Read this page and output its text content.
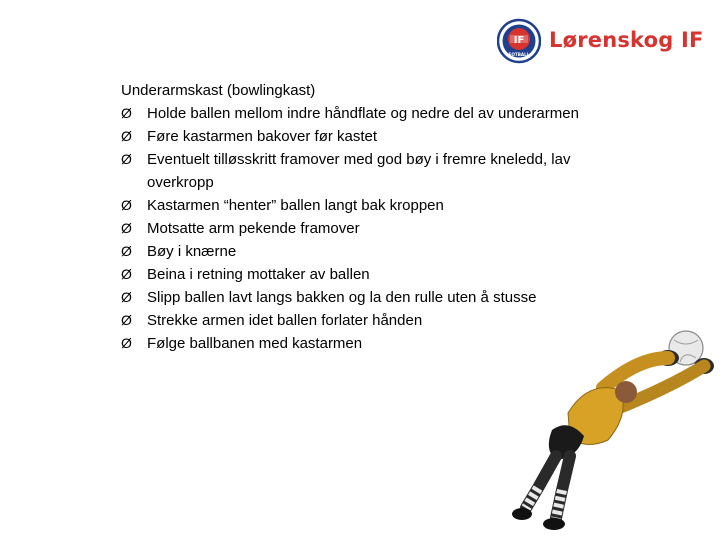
IF
FOTBALL
Lørenskog IF
Underarmskast (bowlingkast)
Ø Holde ballen mellom indre håndflate og nedre del av underarmen
Ø Føre kastarmen bakover før kastet
Ø Eventuelt tilløsskritt framover med god bøy i fremre kneledd, lav overkropp
Ø Kastarmen “henter” ballen langt bak kroppen
Ø Motsatte arm pekende framover
Ø Bøy i knærne
Ø Beina i retning mottaker av ballen
Ø Slipp ballen lavt langs bakken og la den rulle uten å stusse
Ø Strekke armen idet ballen forlater hånden
Ø Følge ballbanen med kastarmen
